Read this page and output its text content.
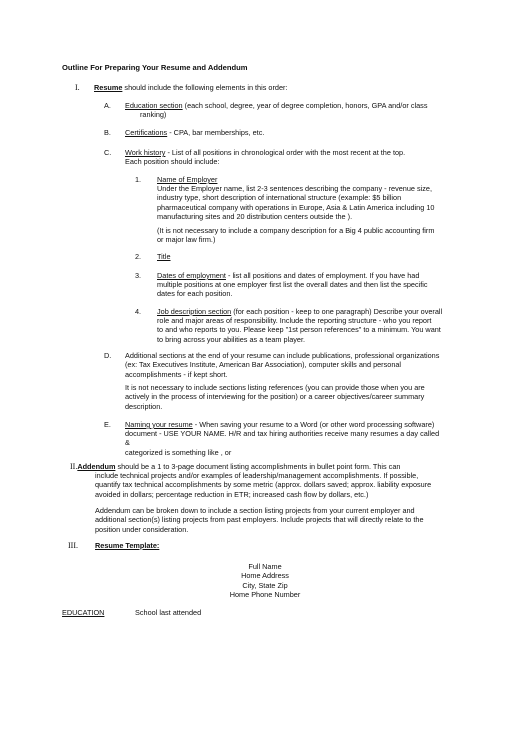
Outline For Preparing Your Resume and Addendum
I. Resume should include the following elements in this order:
A. Education section (each school, degree, year of degree completion, honors, GPA and/or class
ranking)
B. Certifications - CPA, bar memberships, etc.
C. Work history - List of all positions in chronological order with the most recent at the top.
Each position should include:
1. Name of Employer

Under the Employer name, list 2-3 sentences describing the company - revenue size,

industry type, short description of international structure (example: $5 billion

pharmaceutical company with operations in Europe, Asia & Latin America including 10

manufacturing sites and 20 distribution centers outside the ).

(It is not necessary to include a company description for a Big 4 public accounting firm

or major law firm.)

2. Title
3. Dates of employment - list all positions and dates of employment. If you have had

multiple positions at one employer first list the overall dates and then list the specific

dates for each position.

4. Job description section (for each position - keep to one paragraph) Describe your overall

role and major areas of responsibility. Include the reporting structure - who you report

to and who reports to you. Please keep "1st person references" to a minimum. You want

to bring across your abilities as a team player.

D. Additional sections at the end of your resume can include publications, professional organizations

(ex: Tax Executives Institute, American Bar Association), computer skills and personal

accomplishments - if kept short.

It is not necessary to include sections listing references (you can provide those when you are

actively in the process of interviewing for the position) or a career objectives/career summary

description.

E. Naming your resume - When saving your resume to a Word (or other word processing software)

document - USE YOUR NAME. H/R and tax hiring authorities receive many resumes a day called

&

categorized is something like , or

II.Addendum should be a 1 to 3-page document listing accomplishments in bullet point form. This can

include technical projects and/or examples of leadership/management accomplishments. If possible,

quantify tax technical accomplishments by some metric (approx. dollars saved; approx. liability exposure

avoided in dollars; percentage reduction in ETR; increased cash flow by dollars, etc.)

Addendum can be broken down to include a section listing projects from your current employer and

additional section(s) listing projects from past employers. Include projects that will directly relate to the

position under consideration.

III. Resume Template:

Full Name

Home Address

City, State Zip

Home Phone Number

EDUCATION	School last attended
